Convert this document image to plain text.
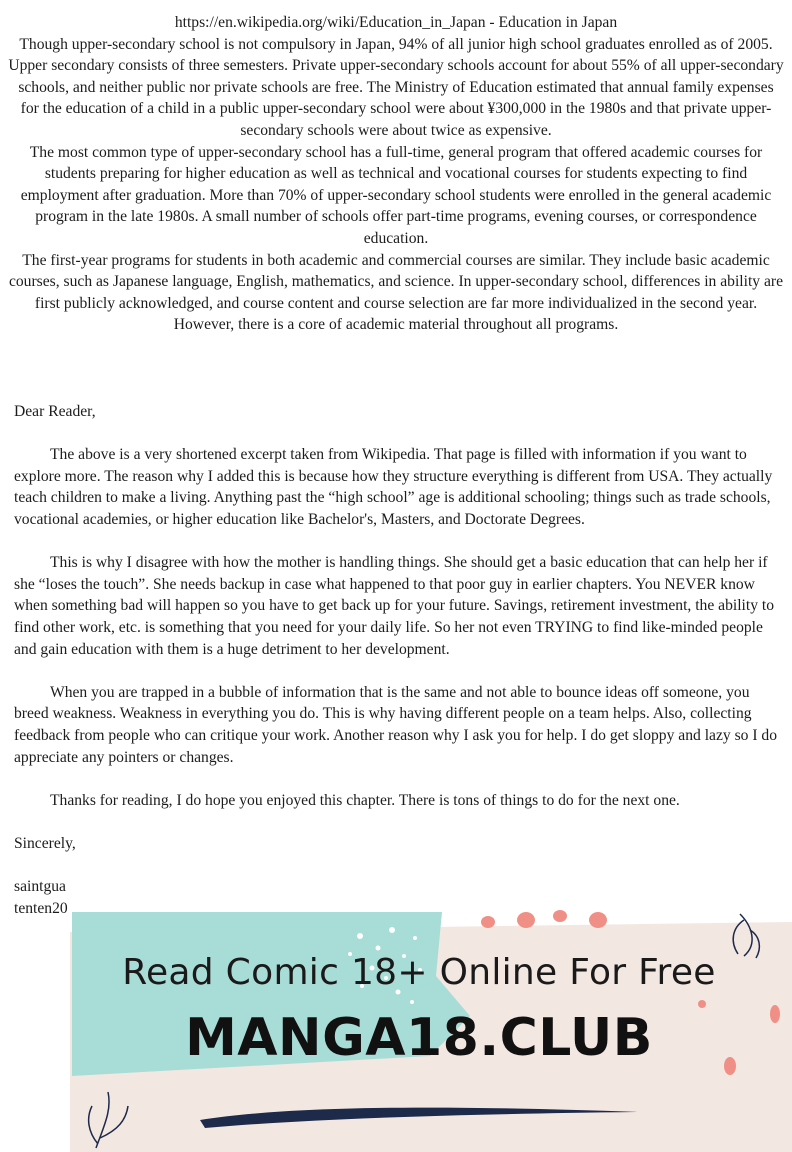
https://en.wikipedia.org/wiki/Education_in_Japan - Education in Japan

Though upper-secondary school is not compulsory in Japan, 94% of all junior high school graduates enrolled as of 2005. Upper secondary consists of three semesters. Private upper-secondary schools account for about 55% of all upper-secondary schools, and neither public nor private schools are free. The Ministry of Education estimated that annual family expenses for the education of a child in a public upper-secondary school were about ¥300,000 in the 1980s and that private upper-secondary schools were about twice as expensive.

The most common type of upper-secondary school has a full-time, general program that offered academic courses for students preparing for higher education as well as technical and vocational courses for students expecting to find employment after graduation. More than 70% of upper-secondary school students were enrolled in the general academic program in the late 1980s. A small number of schools offer part-time programs, evening courses, or correspondence education.

The first-year programs for students in both academic and commercial courses are similar. They include basic academic courses, such as Japanese language, English, mathematics, and science. In upper-secondary school, differences in ability are first publicly acknowledged, and course content and course selection are far more individualized in the second year. However, there is a core of academic material throughout all programs.

Dear Reader,

The above is a very shortened excerpt taken from Wikipedia. That page is filled with information if you want to explore more. The reason why I added this is because how they structure everything is different from USA. They actually teach children to make a living. Anything past the “high school” age is additional schooling; things such as trade schools, vocational academies, or higher education like Bachelor's, Masters, and Doctorate Degrees.

This is why I disagree with how the mother is handling things. She should get a basic education that can help her if she “loses the touch”. She needs backup in case what happened to that poor guy in earlier chapters. You NEVER know when something bad will happen so you have to get back up for your future. Savings, retirement investment, the ability to find other work, etc. is something that you need for your daily life. So her not even TRYING to find like-minded people and gain education with them is a huge detriment to her development.

When you are trapped in a bubble of information that is the same and not able to bounce ideas off someone, you breed weakness. Weakness in everything you do. This is why having different people on a team helps. Also, collecting feedback from people who can critique your work. Another reason why I ask you for help. I do get sloppy and lazy so I do appreciate any pointers or changes.

Thanks for reading, I do hope you enjoyed this chapter. There is tons of things to do for the next one.

Sincerely,

saintgua

tenten20

Read Comic 18+ Online For Free
MANGA18.CLUB
